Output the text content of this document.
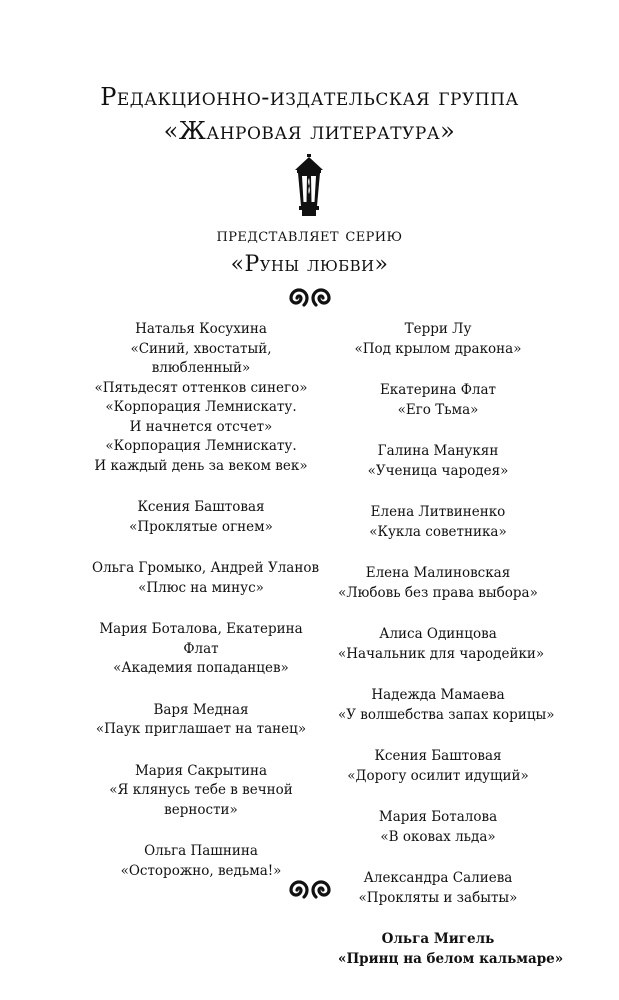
Редакционно-издательская группа
«Жанровая литература»
представляет серию
«Руны любви»
Наталья Косухина
«Синий, хвостатый,
влюбленный»
«Пятьдесят оттенков синего»
«Корпорация Лемнискату.
И начнется отсчет»
«Корпорация Лемнискату.
И каждый день за веком век»
Ксения Баштовая
«Проклятые огнем»
Ольга Громыко, Андрей Уланов
«Плюс на минус»
Мария Боталова, Екатерина
Флат
«Академия попаданцев»
Варя Медная
«Паук приглашает на танец»
Мария Сакрытина
«Я клянусь тебе в вечной
верности»
Ольга Пашнина
«Осторожно, ведьма!»
Терри Лу
«Под крылом дракона»
Екатерина Флат
«Его Тьма»
Галина Манукян
«Ученица чародея»
Елена Литвиненко
«Кукла советника»
Елена Малиновская
«Любовь без права выбора»
Алиса Одинцова
«Начальник для чародейки»
Надежда Мамаева
«У волшебства запах корицы»
Ксения Баштовая
«Дорогу осилит идущий»
Мария Боталова
«В оковах льда»
Александра Салиева
«Прокляты и забыты»
Ольга Мигель
«Принц на белом кальмаре»
